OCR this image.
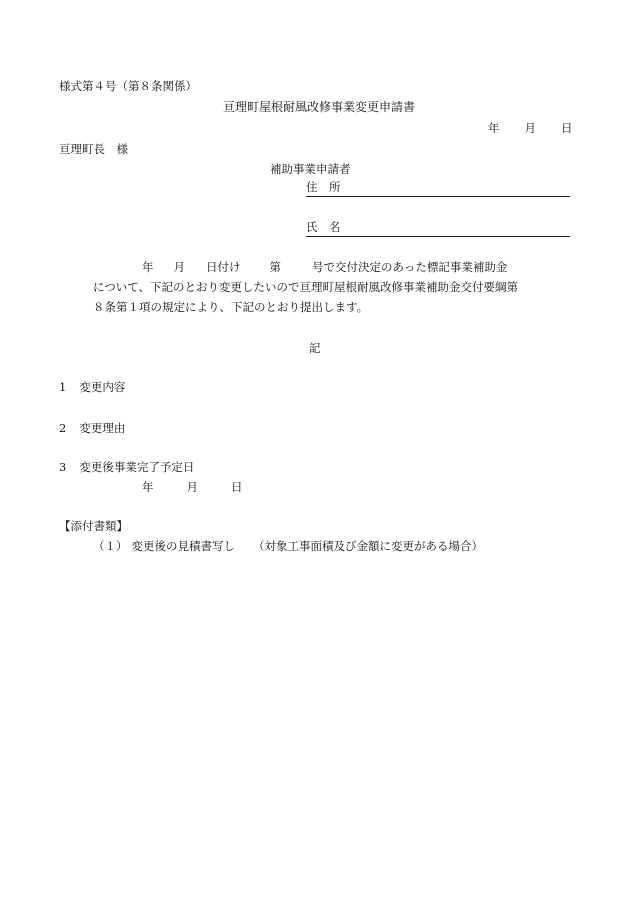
様式第４号（第８条関係）
亘理町屋根耐風改修事業変更申請書
年 月 日
亘理町長　様
補助事業申請者
住　所
氏　名
年 月 日付け	第	号で交付決定のあった標記事業補助金
について、下記のとおり変更したいので亘理町屋根耐風改修事業補助金交付要綱第
８条第１項の規定により、下記のとおり提出します。
記
1 変更内容
2 変更理由
3 変更後事業完了予定日
年	月	日
【添付書類】
（１） 変更後の見積書写し （対象工事面積及び金額に変更がある場合）
